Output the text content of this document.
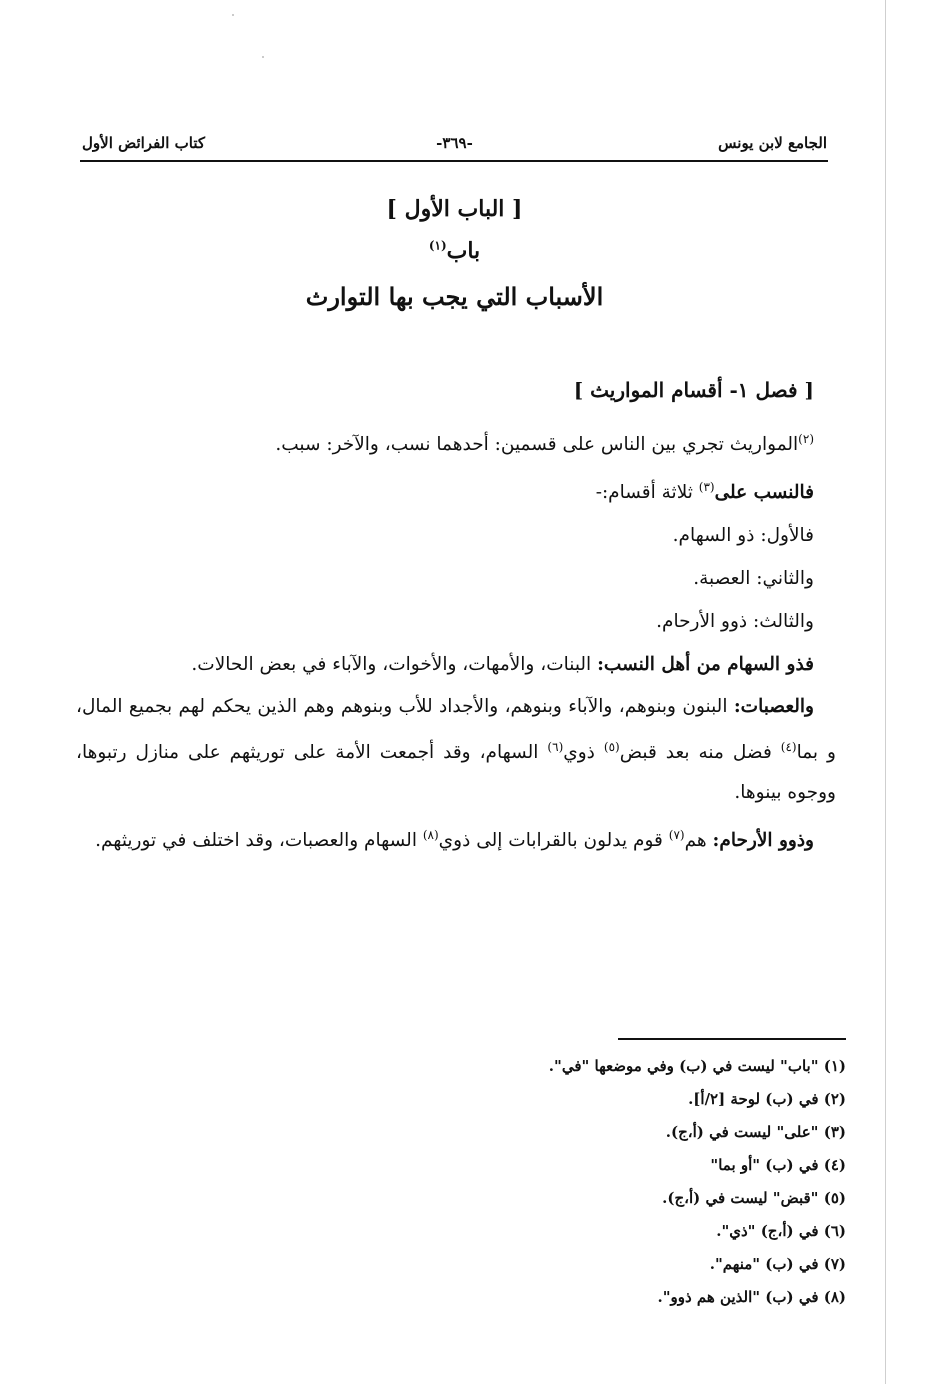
الجامع لابن يونس
-٣٦٩-
كتاب الفرائض الأول
[ الباب الأول ]
باب$^{(١)}$
الأسباب التي يجب بها التوارث
[ فصل ١- أقسام المواريث ]
$^{(٢)}$المواريث تجري بين الناس على قسمين: أحدهما نسب، والآخر: سبب.
فالنسب على$^{(٣)}$ ثلاثة أقسام:-
فالأول: ذو السهام.
والثاني: العصبة.
والثالث: ذوو الأرحام.
فذو السهام من أهل النسب: البنات، والأمهات، والأخوات، والآباء في بعض الحالات.
والعصبات: البنون وبنوهم، والآباء وبنوهم، والأجداد للأب وبنوهم وهم الذين يحكم لهم بجميع المال، و بما$^{(٤)}$ فضل منه بعد قبض$^{(٥)}$ ذوي$^{(٦)}$ السهام، وقد أجمعت الأمة على توريثهم على منازل رتبوها، ووجوه بينوها.
وذوو الأرحام: هم$^{(٧)}$ قوم يدلون بالقرابات إلى ذوي$^{(٨)}$ السهام والعصبات، وقد اختلف في توريثهم.
(١) "باب" ليست في (ب) وفي موضعها "في".
(٢) في (ب) لوحة [٢/أ].
(٣) "على" ليست في (أ،ج).
(٤) في (ب) "أو بما"
(٥) "قبض" ليست في (أ،ج).
(٦) في (أ،ج) "ذي".
(٧) في (ب) "منهم".
(٨) في (ب) "الذين هم ذوو".
